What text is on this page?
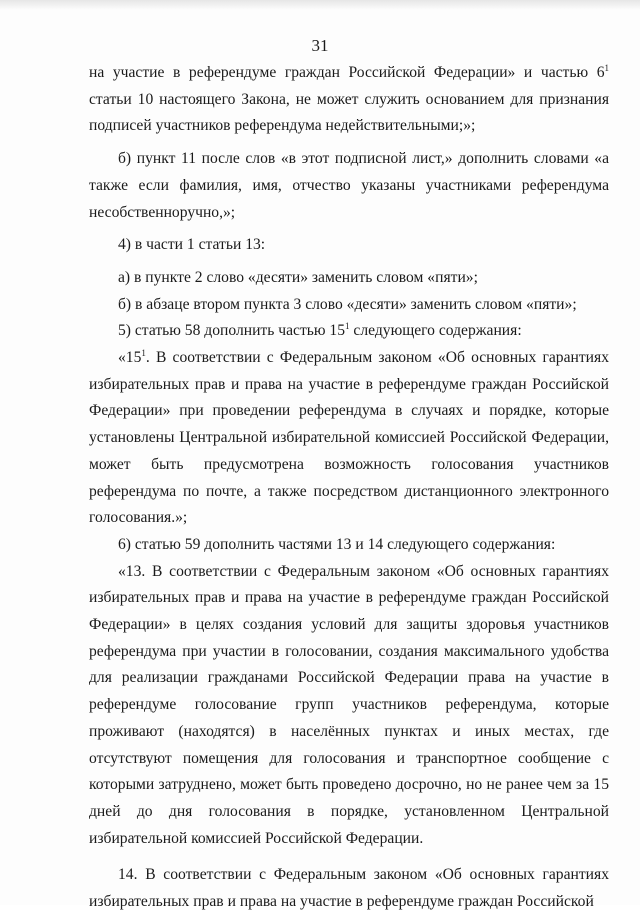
31

на участие в референдуме граждан Российской Федерации» и частью $6^1$ статьи 10 настоящего Закона, не может служить основанием для признания подписей участников референдума недействительными;»;

б) пункт 11 после слов «в этот подписной лист,» дополнить словами «а также если фамилия, имя, отчество указаны участниками референдума несобственноручно,»;

4) в части 1 статьи 13:

а) в пункте 2 слово «десяти» заменить словом «пяти»;

б) в абзаце втором пункта 3 слово «десяти» заменить словом «пяти»;

5) статью 58 дополнить частью $15^1$ следующего содержания:

«$15^1$. В соответствии с Федеральным законом «Об основных гарантиях избирательных прав и права на участие в референдуме граждан Российской Федерации» при проведении референдума в случаях и порядке, которые установлены Центральной избирательной комиссией Российской Федерации, может быть предусмотрена возможность голосования участников референдума по почте, а также посредством дистанционного электронного голосования.»;

6) статью 59 дополнить частями 13 и 14 следующего содержания:

«13. В соответствии с Федеральным законом «Об основных гарантиях избирательных прав и права на участие в референдуме граждан Российской Федерации» в целях создания условий для защиты здоровья участников референдума при участии в голосовании, создания максимального удобства для реализации гражданами Российской Федерации права на участие в референдуме голосование групп участников референдума, которые проживают (находятся) в населённых пунктах и иных местах, где отсутствуют помещения для голосования и транспортное сообщение с которыми затруднено, может быть проведено досрочно, но не ранее чем за 15 дней до дня голосования в порядке, установленном Центральной избирательной комиссией Российской Федерации.

14. В соответствии с Федеральным законом «Об основных гарантиях избирательных прав и права на участие в референдуме граждан Российской
